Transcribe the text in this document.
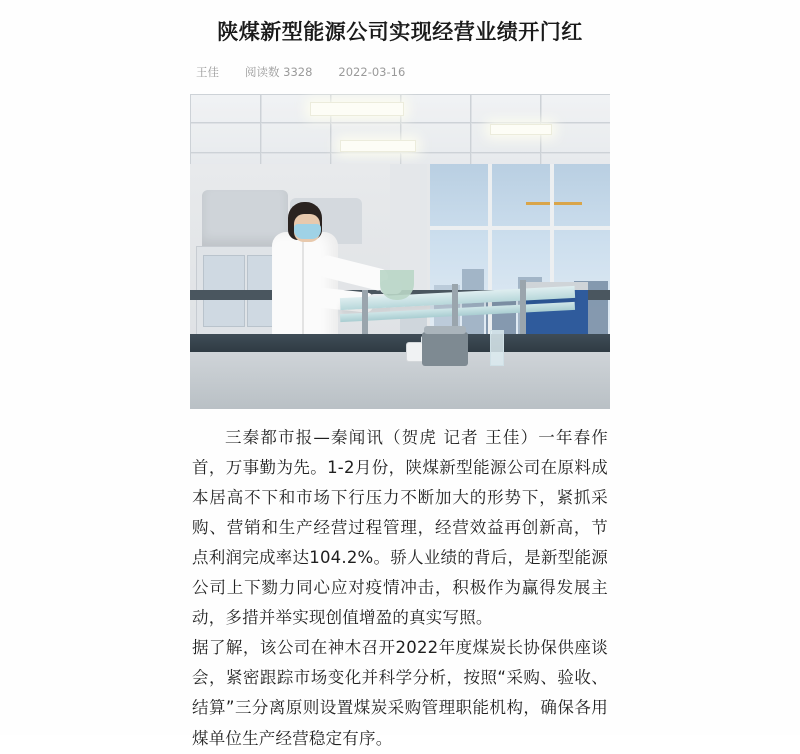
陕煤新型能源公司实现经营业绩开门红
王佳 阅读数 3328 2022-03-16

三秦都市报—秦闻讯（贺虎 记者 王佳）一年春作首，万事勤为先。1-2月份，陕煤新型能源公司在原料成本居高不下和市场下行压力不断加大的形势下，紧抓采购、营销和生产经营过程管理，经营效益再创新高，节点利润完成率达104.2%。骄人业绩的背后，是新型能源公司上下勠力同心应对疫情冲击，积极作为赢得发展主动，多措并举实现创值增盈的真实写照。

据了解，该公司在神木召开2022年度煤炭长协保供座谈会，紧密跟踪市场变化并科学分析，按照“采购、验收、结算”三分离原则设置煤炭采购管理职能机构，确保各用煤单位生产经营稳定有序。
